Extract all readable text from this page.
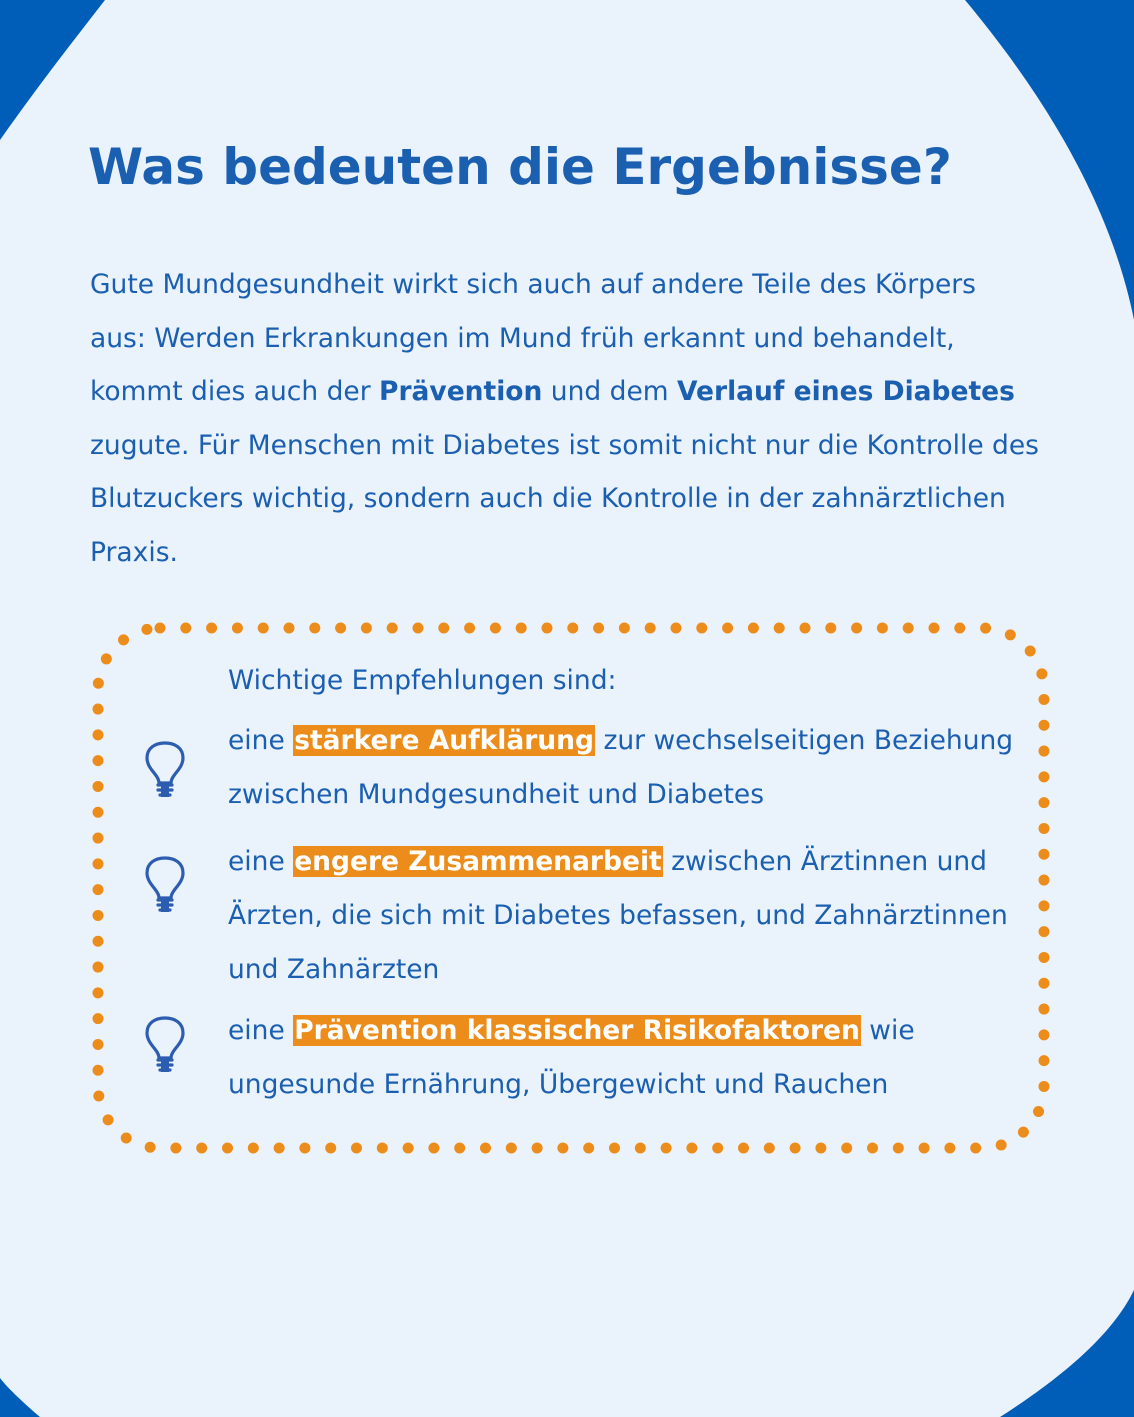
Was bedeuten die Ergebnisse?

Gute Mundgesundheit wirkt sich auch auf andere Teile des Körpers aus: Werden Erkrankungen im Mund früh erkannt und behandelt, kommt dies auch der Prävention und dem Verlauf eines Diabetes zugute. Für Menschen mit Diabetes ist somit nicht nur die Kontrolle des Blutzuckers wichtig, sondern auch die Kontrolle in der zahnärztlichen Praxis.

Wichtige Empfehlungen sind:

eine stärkere Aufklärung zur wechselseitigen Beziehung zwischen Mundgesundheit und Diabetes

eine engere Zusammenarbeit zwischen Ärztinnen und Ärzten, die sich mit Diabetes befassen, und Zahnärztinnen und Zahnärzten

eine Prävention klassischer Risikofaktoren wie ungesunde Ernährung, Übergewicht und Rauchen
